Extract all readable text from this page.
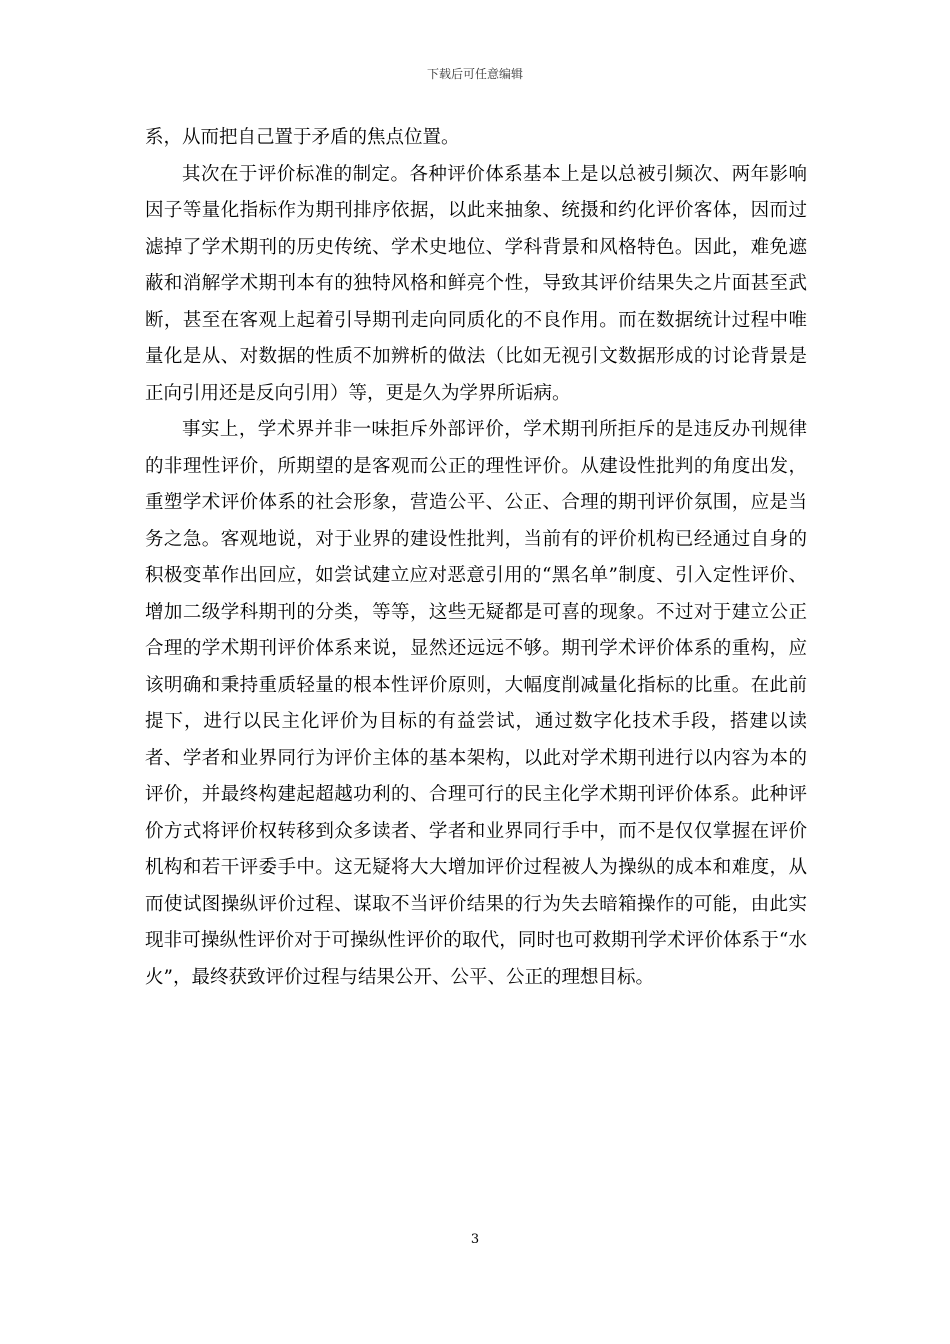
下载后可任意编辑

系，从而把自己置于矛盾的焦点位置。

其次在于评价标准的制定。各种评价体系基本上是以总被引频次、两年影响因子等量化指标作为期刊排序依据，以此来抽象、统摄和约化评价客体，因而过滤掉了学术期刊的历史传统、学术史地位、学科背景和风格特色。因此，难免遮蔽和消解学术期刊本有的独特风格和鲜亮个性，导致其评价结果失之片面甚至武断，甚至在客观上起着引导期刊走向同质化的不良作用。而在数据统计过程中唯量化是从、对数据的性质不加辨析的做法（比如无视引文数据形成的讨论背景是正向引用还是反向引用）等，更是久为学界所诟病。

事实上，学术界并非一味拒斥外部评价，学术期刊所拒斥的是违反办刊规律的非理性评价，所期望的是客观而公正的理性评价。从建设性批判的角度出发，重塑学术评价体系的社会形象，营造公平、公正、合理的期刊评价氛围，应是当务之急。客观地说，对于业界的建设性批判，当前有的评价机构已经通过自身的积极变革作出回应，如尝试建立应对恶意引用的“黑名单”制度、引入定性评价、增加二级学科期刊的分类，等等，这些无疑都是可喜的现象。不过对于建立公正合理的学术期刊评价体系来说，显然还远远不够。期刊学术评价体系的重构，应该明确和秉持重质轻量的根本性评价原则，大幅度削减量化指标的比重。在此前提下，进行以民主化评价为目标的有益尝试，通过数字化技术手段，搭建以读者、学者和业界同行为评价主体的基本架构，以此对学术期刊进行以内容为本的评价，并最终构建起超越功利的、合理可行的民主化学术期刊评价体系。此种评价方式将评价权转移到众多读者、学者和业界同行手中，而不是仅仅掌握在评价机构和若干评委手中。这无疑将大大增加评价过程被人为操纵的成本和难度，从而使试图操纵评价过程、谋取不当评价结果的行为失去暗箱操作的可能，由此实现非可操纵性评价对于可操纵性评价的取代，同时也可救期刊学术评价体系于“水火”，最终获致评价过程与结果公开、公平、公正的理想目标。

3
